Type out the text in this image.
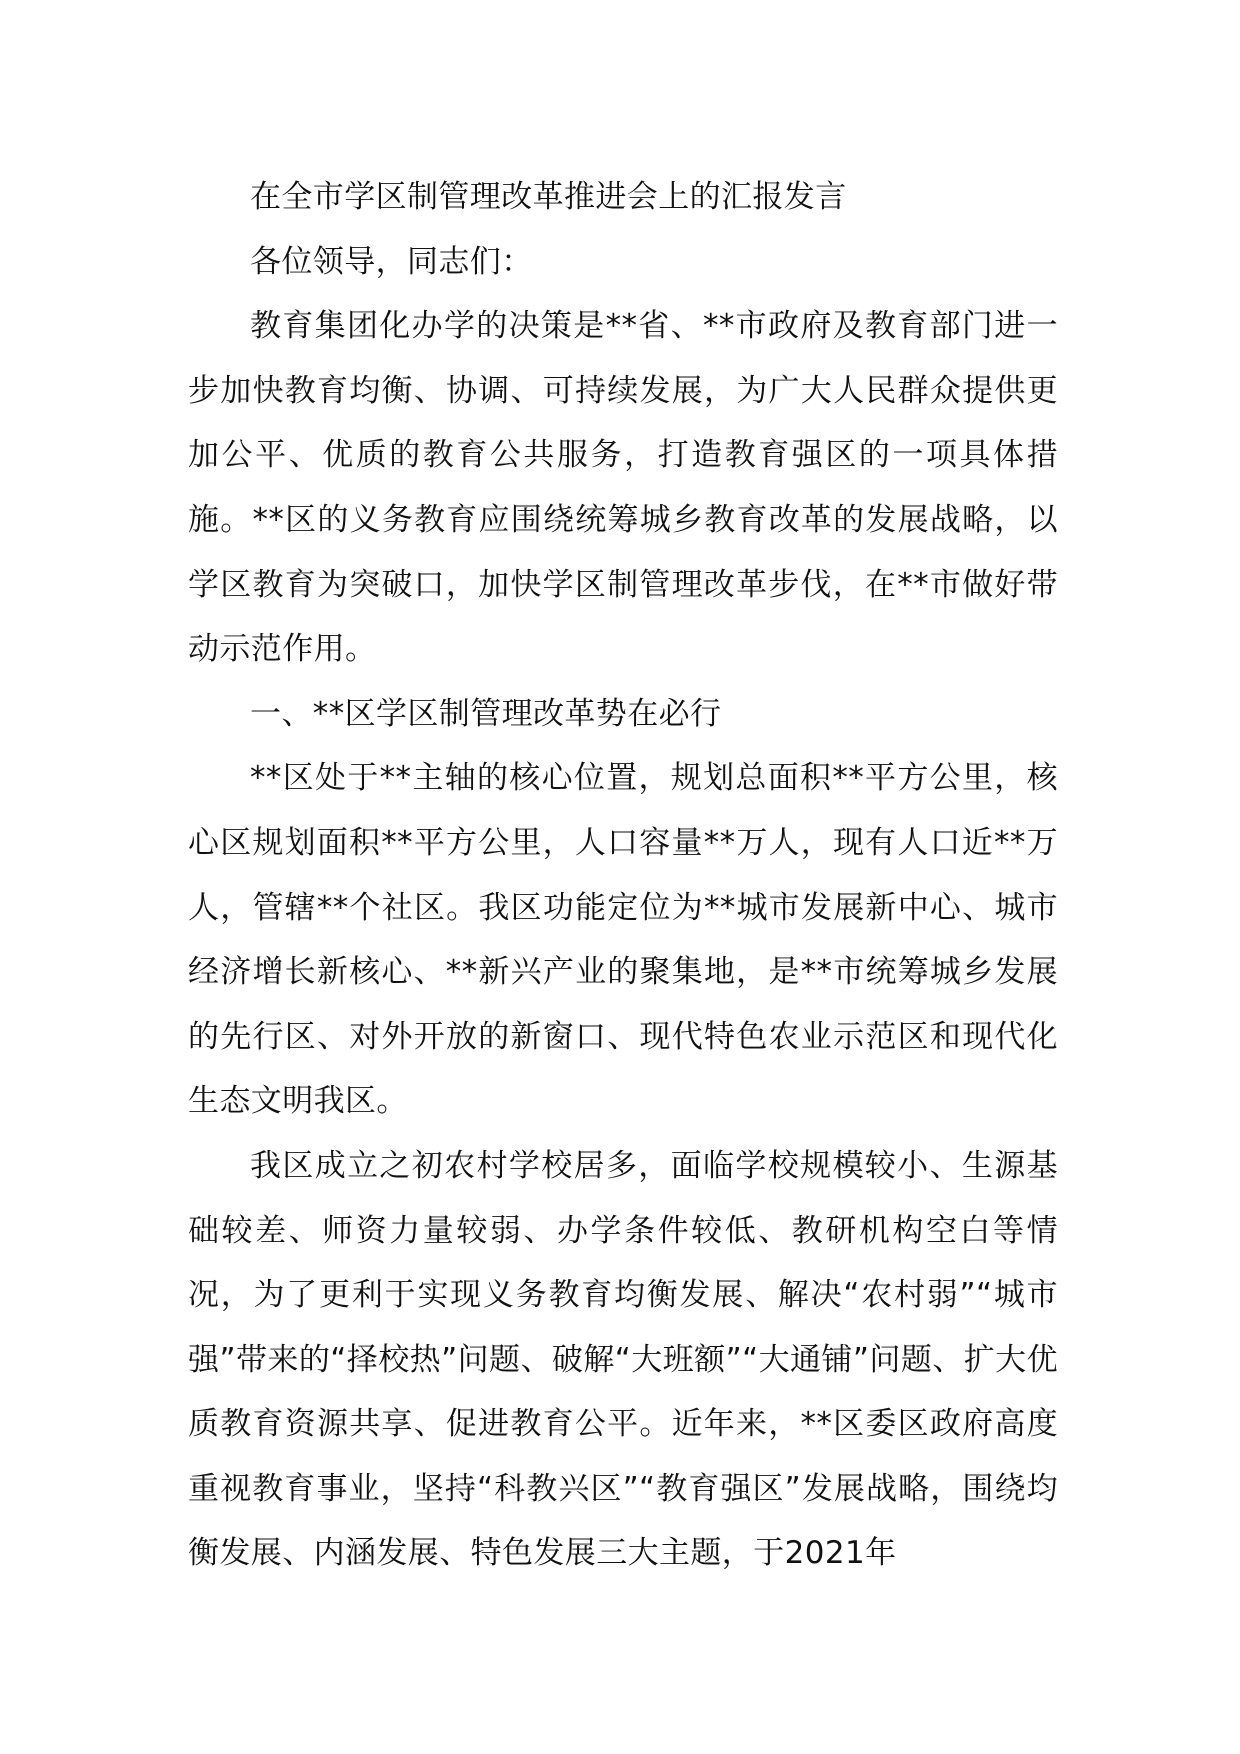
在全市学区制管理改革推进会上的汇报发言

各位领导，同志们：

教育集团化办学的决策是**省、**市政府及教育部门进一步加快教育均衡、协调、可持续发展，为广大人民群众提供更加公平、优质的教育公共服务，打造教育强区的一项具体措施。**区的义务教育应围绕统筹城乡教育改革的发展战略，以学区教育为突破口，加快学区制管理改革步伐，在**市做好带动示范作用。

一、**区学区制管理改革势在必行

**区处于**主轴的核心位置，规划总面积**平方公里，核心区规划面积**平方公里，人口容量**万人，现有人口近**万人，管辖**个社区。我区功能定位为**城市发展新中心、城市经济增长新核心、**新兴产业的聚集地，是**市统筹城乡发展的先行区、对外开放的新窗口、现代特色农业示范区和现代化生态文明我区。

我区成立之初农村学校居多，面临学校规模较小、生源基础较差、师资力量较弱、办学条件较低、教研机构空白等情况，为了更利于实现义务教育均衡发展、解决“农村弱”“城市强”带来的“择校热”问题、破解“大班额”“大通铺”问题、扩大优质教育资源共享、促进教育公平。近年来，**区委区政府高度重视教育事业，坚持“科教兴区”“教育强区”发展战略，围绕均衡发展、内涵发展、特色发展三大主题，于2021年
